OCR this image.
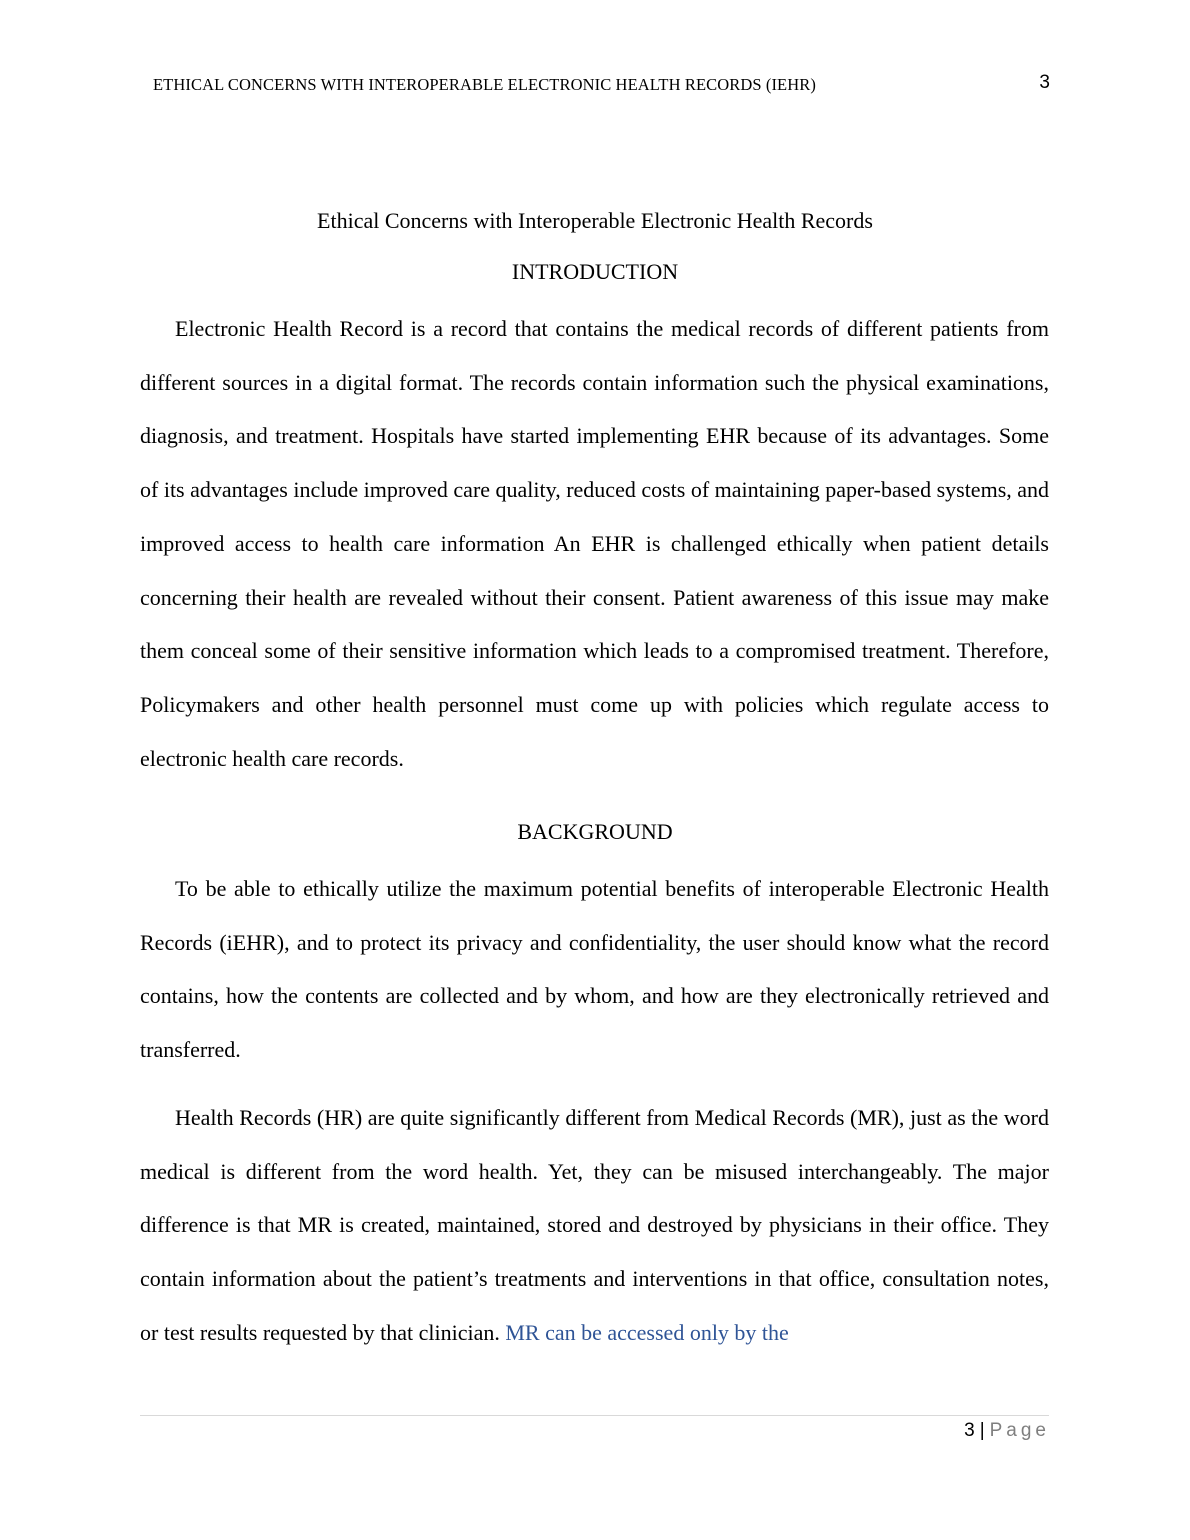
ETHICAL CONCERNS WITH INTEROPERABLE ELECTRONIC HEALTH RECORDS (IEHR)	3
Ethical Concerns with Interoperable Electronic Health Records
INTRODUCTION

Electronic Health Record is a record that contains the medical records of different patients from different sources in a digital format. The records contain information such the physical examinations, diagnosis, and treatment. Hospitals have started implementing EHR because of its advantages. Some of its advantages include improved care quality, reduced costs of maintaining paper-based systems, and improved access to health care information An EHR is challenged ethically when patient details concerning their health are revealed without their consent. Patient awareness of this issue may make them conceal some of their sensitive information which leads to a compromised treatment. Therefore, Policymakers and other health personnel must come up with policies which regulate access to electronic health care records.

BACKGROUND

To be able to ethically utilize the maximum potential benefits of interoperable Electronic Health Records (iEHR), and to protect its privacy and confidentiality, the user should know what the record contains, how the contents are collected and by whom, and how are they electronically retrieved and transferred.

Health Records (HR) are quite significantly different from Medical Records (MR), just as the word medical is different from the word health. Yet, they can be misused interchangeably. The major difference is that MR is created, maintained, stored and destroyed by physicians in their office. They contain information about the patient’s treatments and interventions in that office, consultation notes, or test results requested by that clinician. MR can be accessed only by the

3 | Page
